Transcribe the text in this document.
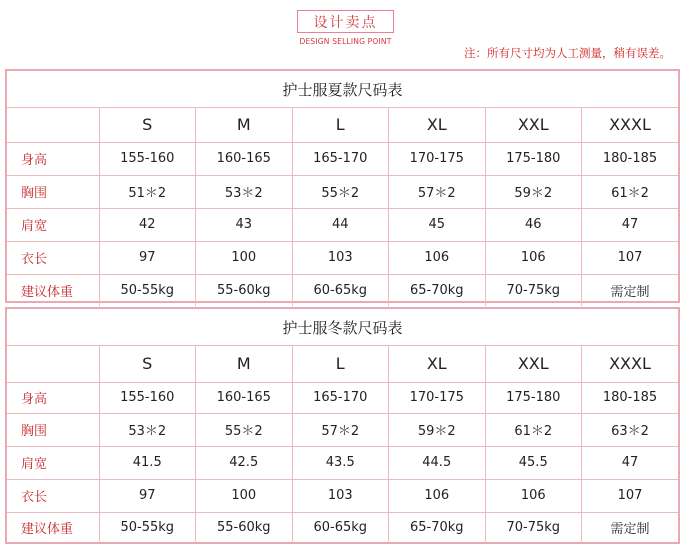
设计卖点
DESIGN SELLING POINT
注：所有尺寸均为人工测量，稍有误差。
护士服夏款尺码表
	S	M	L	XL	XXL	XXXL
身高	155-160	160-165	165-170	170-175	175-180	180-185
胸围	51＊2	53＊2	55＊2	57＊2	59＊2	61＊2
肩宽	42	43	44	45	46	47
衣长	97	100	103	106	106	107
建议体重	50-55kg	55-60kg	60-65kg	65-70kg	70-75kg	需定制
护士服冬款尺码表
	S	M	L	XL	XXL	XXXL
身高	155-160	160-165	165-170	170-175	175-180	180-185
胸围	53＊2	55＊2	57＊2	59＊2	61＊2	63＊2
肩宽	41.5	42.5	43.5	44.5	45.5	47
衣长	97	100	103	106	106	107
建议体重	50-55kg	55-60kg	60-65kg	65-70kg	70-75kg	需定制
